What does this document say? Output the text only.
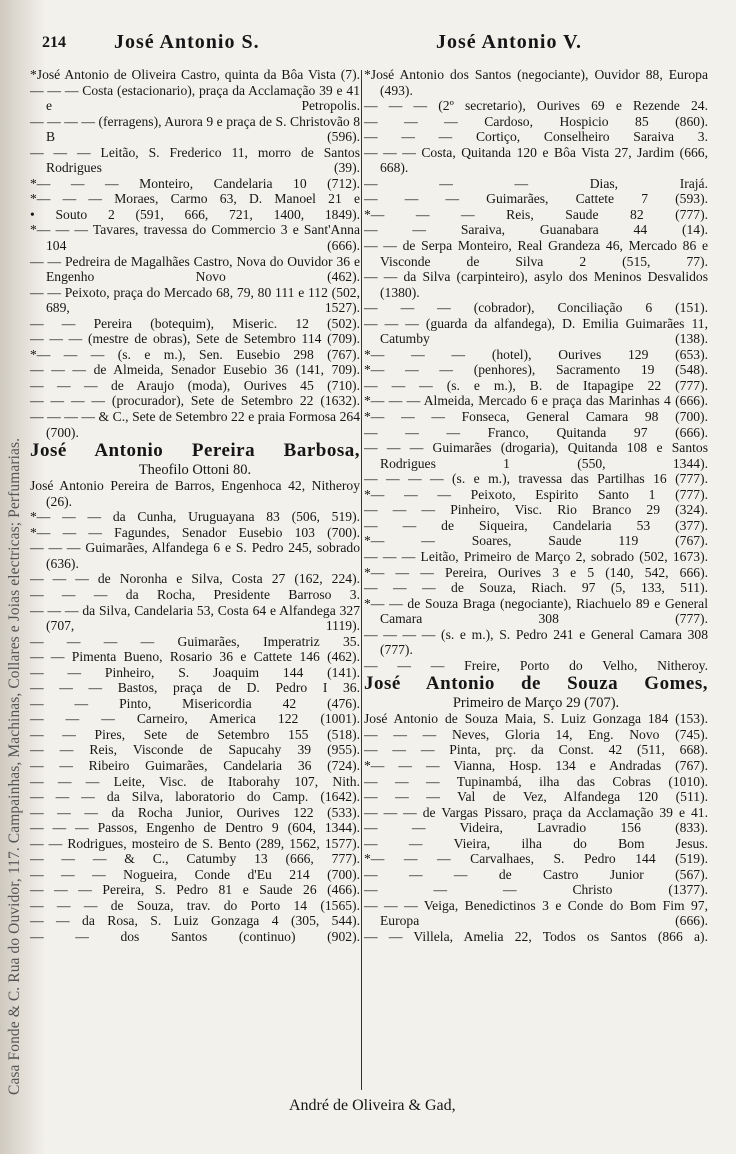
Casa Fonde & C. Rua do Ouvidor, 117. Campainhas, Machinas, Collares e Joias electricas; Perfumarias.
214 José Antonio S.	José Antonio V.

*José Antonio de Oliveira Castro, quinta da Bôa Vista (7).

— — — Costa (estacionario), praça da Acclamação 39 e 41 e Petropolis.

— — — — (ferragens), Aurora 9 e praça de S. Christovão 8 B (596).

— — — Leitão, S. Frederico 11, morro de Santos Rodrigues (39).

*— — — Monteiro, Candelaria 10 (712).

*— — — Moraes, Carmo 63, D. Manoel 21 e

• Souto 2 (591, 666, 721, 1400, 1849).

*— — — Tavares, travessa do Commercio 3 e Sant'Anna 104 (666).

— — Pedreira de Magalhães Castro, Nova do Ouvidor 36 e Engenho Novo (462).

— — Peixoto, praça do Mercado 68, 79, 80 111 e 112 (502, 689, 1527).

— — Pereira (botequim), Miseric. 12 (502).

— — — (mestre de obras), Sete de Setembro 114 (709).

*— — — (s. e m.), Sen. Eusebio 298 (767).

— — — de Almeida, Senador Eusebio 36 (141, 709).

— — — de Araujo (moda), Ourives 45 (710).

— — — — (procurador), Sete de Setembro 22 (1632).

— — — — & C., Sete de Setembro 22 e praia Formosa 264 (700).

José Antonio Pereira Barbosa,
Theofilo Ottoni 80.

José Antonio Pereira de Barros, Engenhoca 42, Nitheroy (26).

*— — — da Cunha, Uruguayana 83 (506, 519).

*— — — Fagundes, Senador Eusebio 103 (700).

— — — Guimarães, Alfandega 6 e S. Pedro 245, sobrado (636).

— — — de Noronha e Silva, Costa 27 (162, 224).

— — — da Rocha, Presidente Barroso 3.

— — — da Silva, Candelaria 53, Costa 64 e Alfandega 327 (707, 1119).

— — — — Guimarães, Imperatriz 35.

— — Pimenta Bueno, Rosario 36 e Cattete 146 (462).

— — Pinheiro, S. Joaquim 144 (141).

— — — Bastos, praça de D. Pedro I 36.

— — Pinto, Misericordia 42 (476).

— — — Carneiro, America 122 (1001).

— — Pires, Sete de Setembro 155 (518).

— — Reis, Visconde de Sapucahy 39 (955).

— — Ribeiro Guimarães, Candelaria 36 (724).

— — — Leite, Visc. de Itaborahy 107, Nith.

— — — da Silva, laboratorio do Camp. (1642).

— — — da Rocha Junior, Ourives 122 (533).

— — — Passos, Engenho de Dentro 9 (604, 1344).

— — Rodrigues, mosteiro de S. Bento (289, 1562, 1577).

— — — & C., Catumby 13 (666, 777).

— — — Nogueira, Conde d'Eu 214 (700).

— — — Pereira, S. Pedro 81 e Saude 26 (466).

— — — de Souza, trav. do Porto 14 (1565).

— — da Rosa, S. Luiz Gonzaga 4 (305, 544).

— — dos Santos (continuo) (902).

*José Antonio dos Santos (negociante), Ouvidor 88, Europa (493).

— — — (2º secretario), Ourives 69 e Rezende 24.

— — — Cardoso, Hospicio 85 (860).

— — — Cortiço, Conselheiro Saraiva 3.

— — — Costa, Quitanda 120 e Bôa Vista 27, Jardim (666, 668).

— — — Dias, Irajá.

— — — Guimarães, Cattete 7 (593).

*— — — Reis, Saude 82 (777).

— — Saraiva, Guanabara 44 (14).

— — de Serpa Monteiro, Real Grandeza 46, Mercado 86 e Visconde de Silva 2 (515, 77).

— — da Silva (carpinteiro), asylo dos Meninos Desvalidos (1380).

— — — (cobrador), Conciliação 6 (151).

— — — (guarda da alfandega), D. Emilia Guimarães 11, Catumby (138).

*— — — (hotel), Ourives 129 (653).

*— — — (penhores), Sacramento 19 (548).

— — — (s. e m.), B. de Itapagipe 22 (777).

*— — — Almeida, Mercado 6 e praça das Marinhas 4 (666).

*— — — Fonseca, General Camara 98 (700).

— — — Franco, Quitanda 97 (666).

— — — Guimarães (drogaria), Quitanda 108 e Santos Rodrigues 1 (550, 1344).

— — — — (s. e m.), travessa das Partilhas 16 (777).

*— — — Peixoto, Espirito Santo 1 (777).

— — — Pinheiro, Visc. Rio Branco 29 (324).

— — de Siqueira, Candelaria 53 (377).

*— — Soares, Saude 119 (767).

— — — Leitão, Primeiro de Março 2, sobrado (502, 1673).

*— — — Pereira, Ourives 3 e 5 (140, 542, 666).

— — — de Souza, Riach. 97 (5, 133, 511).

*— — de Souza Braga (negociante), Riachuelo 89 e General Camara 308 (777).

— — — — (s. e m.), S. Pedro 241 e General Camara 308 (777).

— — — Freire, Porto do Velho, Nitheroy.

José Antonio de Souza Gomes,
Primeiro de Março 29 (707).

José Antonio de Souza Maia, S. Luiz Gonzaga 184 (153).

— — — Neves, Gloria 14, Eng. Novo (745).

— — — Pinta, prç. da Const. 42 (511, 668).

*— — — Vianna, Hosp. 134 e Andradas (767).

— — — Tupinambá, ilha das Cobras (1010).

— — — Val de Vez, Alfandega 120 (511).

— — — de Vargas Pissaro, praça da Acclamação 39 e 41.

— — Videira, Lavradio 156 (833).

— — Vieira, ilha do Bom Jesus.

*— — — Carvalhaes, S. Pedro 144 (519).

— — — de Castro Junior (567).

— — — Christo (1377).

— — — Veiga, Benedictinos 3 e Conde do Bom Fim 97, Europa (666).

— — Villela, Amelia 22, Todos os Santos (866 a).

André de Oliveira & Gad,
